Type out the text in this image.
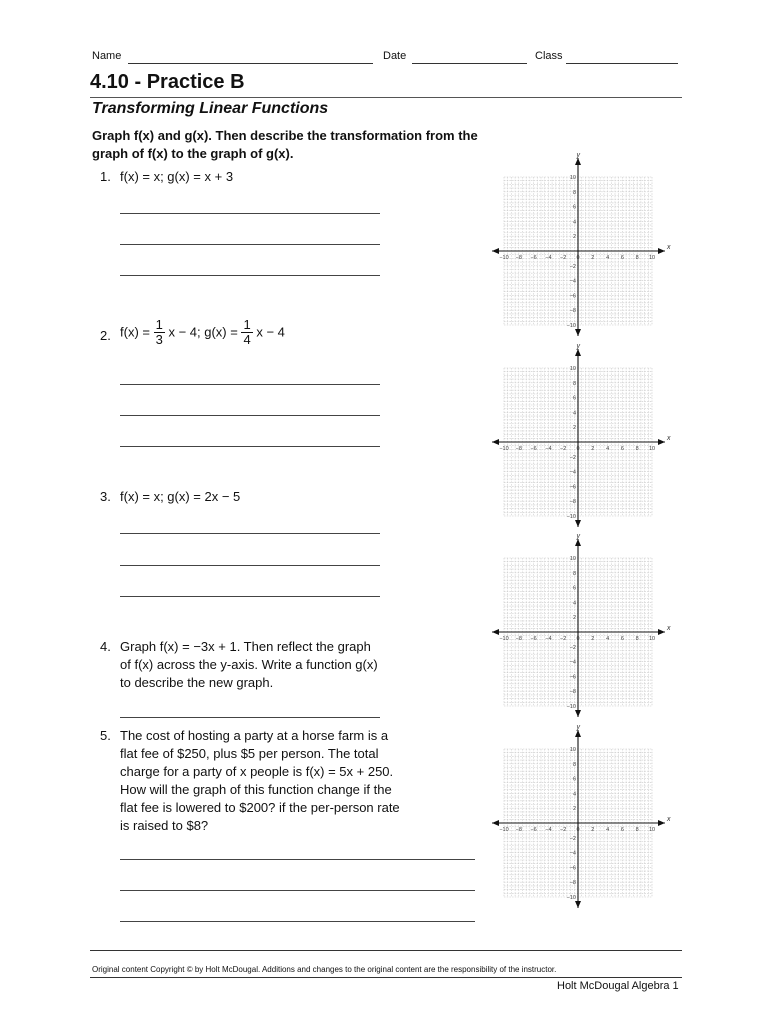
Name	Date	Class
4.10 - Practice B
Transforming Linear Functions
Graph f(x) and g(x). Then describe the transformation from the
graph of f(x) to the graph of g(x).
1. f(x) = x; g(x) = x + 3
2. $f(x) = \frac{1}{3}$ x − 4; $g(x) = \frac{1}{4}$ x − 4
3. f(x) = x; g(x) = 2x − 5
4. Graph f(x) = −3x + 1. Then reflect the graph
of f(x) across the y-axis. Write a function g(x)
to describe the new graph.
5. The cost of hosting a party at a horse farm is a
flat fee of $250, plus $5 per person. The total
charge for a party of x people is f(x) = 5x + 250.
How will the graph of this function change if the
flat fee is lowered to $200? if the per-person rate
is raised to $8?
x
y
−10 −8 −6 −4 −2 0 2 4 6 8 10
2
4
6
8
10
−2
−4
−6
−8
−10
x
y
−10 −8 −6 −4 −2 0 2 4 6 8 10
2
4
6
8
10
−2
−4
−6
−8
−10
x
y
−10 −8 −6 −4 −2 0 2 4 6 8 10
2
4
6
8
10
−2
−4
−6
−8
−10
x
y
−10 −8 −6 −4 −2 0 2 4 6 8 10
2
4
6
8
10
−2
−4
−6
−8
−10
Original content Copyright © by Holt McDougal. Additions and changes to the original content are the responsibility of the instructor.
Holt McDougal Algebra 1
